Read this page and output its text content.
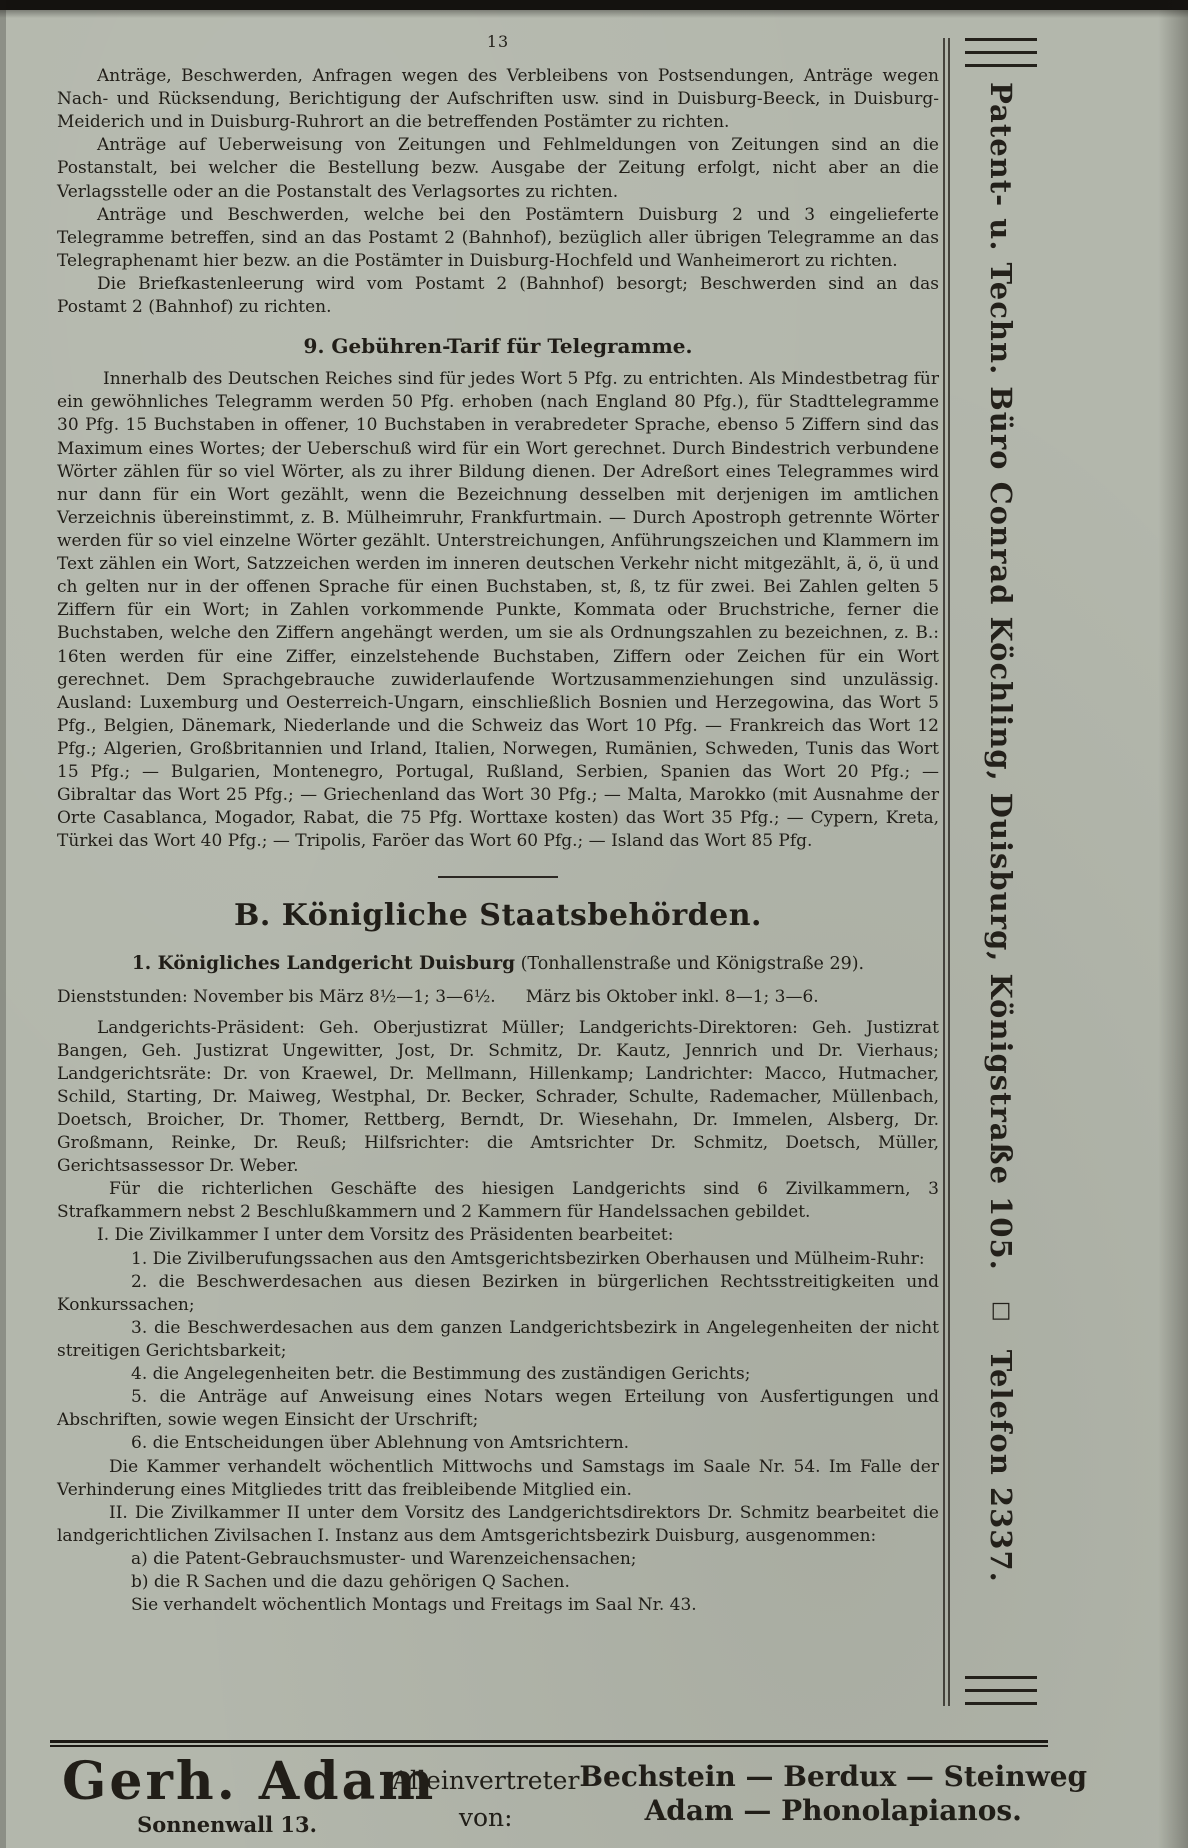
13

Anträge, Beschwerden, Anfragen wegen des Verbleibens von Postsendungen, Anträge wegen Nach- und Rücksendung, Berichtigung der Aufschriften usw. sind in Duisburg-Beeck, in Duisburg-Meiderich und in Duisburg-Ruhrort an die betreffenden Postämter zu richten.

Anträge auf Ueberweisung von Zeitungen und Fehlmeldungen von Zeitungen sind an die Postanstalt, bei welcher die Bestellung bezw. Ausgabe der Zeitung erfolgt, nicht aber an die Verlagsstelle oder an die Postanstalt des Verlagsortes zu richten.

Anträge und Beschwerden, welche bei den Postämtern Duisburg 2 und 3 eingelieferte Telegramme betreffen, sind an das Postamt 2 (Bahnhof), bezüglich aller übrigen Telegramme an das Telegraphenamt hier bezw. an die Postämter in Duisburg-Hochfeld und Wanheimerort zu richten.

Die Briefkastenleerung wird vom Postamt 2 (Bahnhof) besorgt; Beschwerden sind an das Postamt 2 (Bahnhof) zu richten.

9. Gebühren-Tarif für Telegramme.

Innerhalb des Deutschen Reiches sind für jedes Wort 5 Pfg. zu entrichten. Als Mindestbetrag für ein gewöhnliches Telegramm werden 50 Pfg. erhoben (nach England 80 Pfg.), für Stadttelegramme 30 Pfg. 15 Buchstaben in offener, 10 Buchstaben in verabredeter Sprache, ebenso 5 Ziffern sind das Maximum eines Wortes; der Ueberschuß wird für ein Wort gerechnet. Durch Bindestrich verbundene Wörter zählen für so viel Wörter, als zu ihrer Bildung dienen. Der Adreßort eines Telegrammes wird nur dann für ein Wort gezählt, wenn die Bezeichnung desselben mit derjenigen im amtlichen Verzeichnis übereinstimmt, z. B. Mülheimruhr, Frankfurtmain. — Durch Apostroph getrennte Wörter werden für so viel einzelne Wörter gezählt. Unterstreichungen, Anführungszeichen und Klammern im Text zählen ein Wort, Satzzeichen werden im inneren deutschen Verkehr nicht mitgezählt, ä, ö, ü und ch gelten nur in der offenen Sprache für einen Buchstaben, st, ß, tz für zwei. Bei Zahlen gelten 5 Ziffern für ein Wort; in Zahlen vorkommende Punkte, Kommata oder Bruchstriche, ferner die Buchstaben, welche den Ziffern angehängt werden, um sie als Ordnungszahlen zu bezeichnen, z. B.: 16ten werden für eine Ziffer, einzelstehende Buchstaben, Ziffern oder Zeichen für ein Wort gerechnet. Dem Sprachgebrauche zuwiderlaufende Wortzusammenziehungen sind unzulässig. Ausland: Luxemburg und Oesterreich-Ungarn, einschließlich Bosnien und Herzegowina, das Wort 5 Pfg., Belgien, Dänemark, Niederlande und die Schweiz das Wort 10 Pfg. — Frankreich das Wort 12 Pfg.; Algerien, Großbritannien und Irland, Italien, Norwegen, Rumänien, Schweden, Tunis das Wort 15 Pfg.; — Bulgarien, Montenegro, Portugal, Rußland, Serbien, Spanien das Wort 20 Pfg.; — Gibraltar das Wort 25 Pfg.; — Griechenland das Wort 30 Pfg.; — Malta, Marokko (mit Ausnahme der Orte Casablanca, Mogador, Rabat, die 75 Pfg. Worttaxe kosten) das Wort 35 Pfg.; — Cypern, Kreta, Türkei das Wort 40 Pfg.; — Tripolis, Faröer das Wort 60 Pfg.; — Island das Wort 85 Pfg.

B. Königliche Staatsbehörden.

1. Königliches Landgericht Duisburg (Tonhallenstraße und Königstraße 29).

Dienststunden: November bis März 8½—1; 3—6½. März bis Oktober inkl. 8—1; 3—6.

Landgerichts-Präsident: Geh. Oberjustizrat Müller; Landgerichts-Direktoren: Geh. Justizrat Bangen, Geh. Justizrat Ungewitter, Jost, Dr. Schmitz, Dr. Kautz, Jennrich und Dr. Vierhaus; Landgerichtsräte: Dr. von Kraewel, Dr. Mellmann, Hillenkamp; Landrichter: Macco, Hutmacher, Schild, Starting, Dr. Maiweg, Westphal, Dr. Becker, Schrader, Schulte, Rademacher, Müllenbach, Doetsch, Broicher, Dr. Thomer, Rettberg, Berndt, Dr. Wiesehahn, Dr. Immelen, Alsberg, Dr. Großmann, Reinke, Dr. Reuß; Hilfsrichter: die Amtsrichter Dr. Schmitz, Doetsch, Müller, Gerichtsassessor Dr. Weber.

Für die richterlichen Geschäfte des hiesigen Landgerichts sind 6 Zivilkammern, 3 Strafkammern nebst 2 Beschlußkammern und 2 Kammern für Handelssachen gebildet.

I. Die Zivilkammer I unter dem Vorsitz des Präsidenten bearbeitet:

1. Die Zivilberufungssachen aus den Amtsgerichtsbezirken Oberhausen und Mülheim-Ruhr:

2. die Beschwerdesachen aus diesen Bezirken in bürgerlichen Rechtsstreitigkeiten und Konkurssachen;

3. die Beschwerdesachen aus dem ganzen Landgerichtsbezirk in Angelegenheiten der nicht streitigen Gerichtsbarkeit;

4. die Angelegenheiten betr. die Bestimmung des zuständigen Gerichts;

5. die Anträge auf Anweisung eines Notars wegen Erteilung von Ausfertigungen und Abschriften, sowie wegen Einsicht der Urschrift;

6. die Entscheidungen über Ablehnung von Amtsrichtern.

Die Kammer verhandelt wöchentlich Mittwochs und Samstags im Saale Nr. 54. Im Falle der Verhinderung eines Mitgliedes tritt das freibleibende Mitglied ein.

II. Die Zivilkammer II unter dem Vorsitz des Landgerichtsdirektors Dr. Schmitz bearbeitet die landgerichtlichen Zivilsachen I. Instanz aus dem Amtsgerichtsbezirk Duisburg, ausgenommen:

a) die Patent-Gebrauchsmuster- und Warenzeichensachen;

b) die R Sachen und die dazu gehörigen Q Sachen.

Sie verhandelt wöchentlich Montags und Freitags im Saal Nr. 43.

Patent- u. Techn. Büro Conrad Köchling, Duisburg, Königstraße 105.□Telefon 2337.
Gerh. Adam
Sonnenwall 13.
Alleinvertreter
von:
Bechstein — Berdux — Steinweg
Adam — Phonolapianos.
